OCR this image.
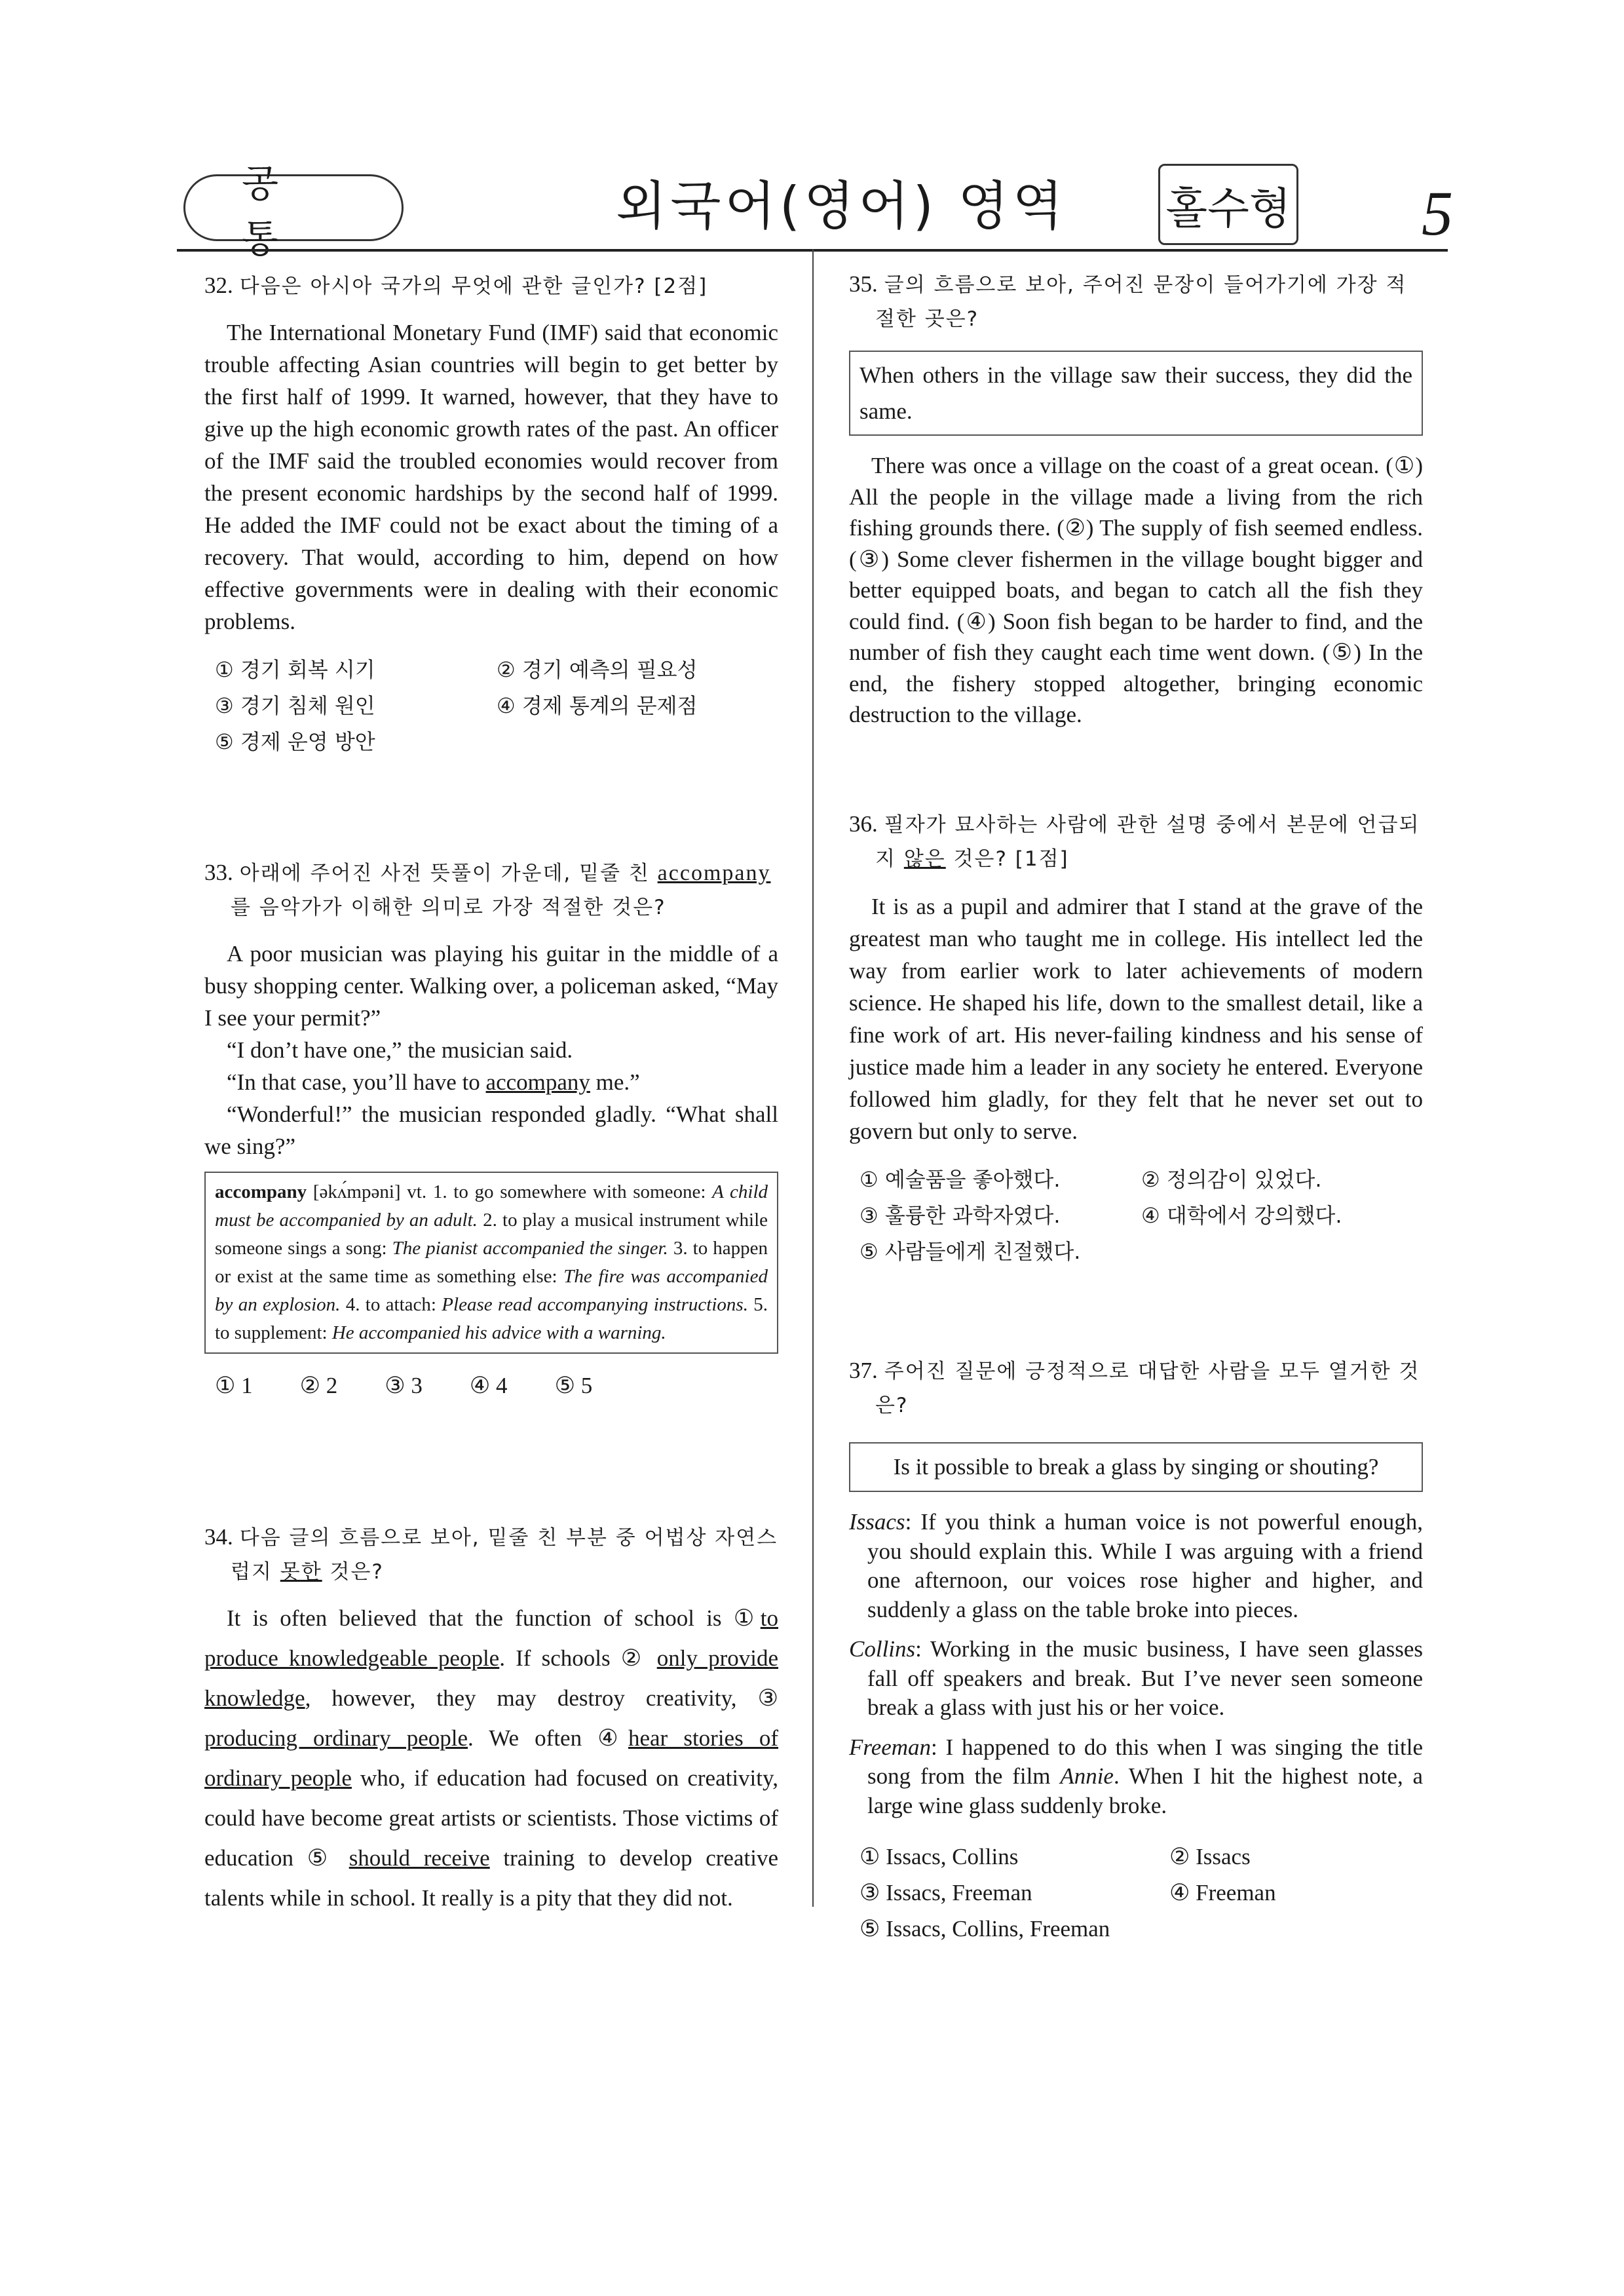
공 통
외국어(영어) 영역 홀수형 5

32. 다음은 아시아 국가의 무엇에 관한 글인가? [2점]

The International Monetary Fund (IMF) said that economic trouble affecting Asian countries will begin to get better by the first half of 1999. It warned, however, that they have to give up the high economic growth rates of the past. An officer of the IMF said the troubled economies would recover from the present economic hardships by the second half of 1999. He added the IMF could not be exact about the timing of a recovery. That would, according to him, depend on how effective governments were in dealing with their economic problems.

① 경기 회복 시기	② 경기 예측의 필요성
③ 경기 침체 원인	④ 경제 통계의 문제점
⑤ 경제 운영 방안

33. 아래에 주어진 사전 뜻풀이 가운데, 밑줄 친 accompany를 음악가가 이해한 의미로 가장 적절한 것은?

A poor musician was playing his guitar in the middle of a busy shopping center. Walking over, a policeman asked, “May I see your permit?”

“I don’t have one,” the musician said.

“In that case, you’ll have to accompany me.”

“Wonderful!” the musician responded gladly. “What shall we sing?”

accompany [əkʌ́mpəni] vt. 1. to go somewhere with someone: A child must be accompanied by an adult. 2. to play a musical instrument while someone sings a song: The pianist accompanied the singer. 3. to happen or exist at the same time as something else: The fire was accompanied by an explosion. 4. to attach: Please read accompanying instructions. 5. to supplement: He accompanied his advice with a warning.
① 1 ② 2 ③ 3 ④ 4 ⑤ 5

34. 다음 글의 흐름으로 보아, 밑줄 친 부분 중 어법상 자연스럽지 못한 것은?

It is often believed that the function of school is ①to produce knowledgeable people. If schools ② only provide knowledge, however, they may destroy creativity, ③ producing ordinary people. We often ④hear stories of ordinary people who, if education had focused on creativity, could have become great artists or scientists. Those victims of education ⑤ should receive training to develop creative talents while in school. It really is a pity that they did not.

35. 글의 흐름으로 보아, 주어진 문장이 들어가기에 가장 적절한 곳은?

When others in the village saw their success, they did the same.

There was once a village on the coast of a great ocean. (①) All the people in the village made a living from the rich fishing grounds there. (②) The supply of fish seemed endless. (③) Some clever fishermen in the village bought bigger and better equipped boats, and began to catch all the fish they could find. (④) Soon fish began to be harder to find, and the number of fish they caught each time went down. (⑤) In the end, the fishery stopped altogether, bringing economic destruction to the village.

36. 필자가 묘사하는 사람에 관한 설명 중에서 본문에 언급되지 않은 것은? [1점]

It is as a pupil and admirer that I stand at the grave of the greatest man who taught me in college. His intellect led the way from earlier work to later achievements of modern science. He shaped his life, down to the smallest detail, like a fine work of art. His never-failing kindness and his sense of justice made him a leader in any society he entered. Everyone followed him gladly, for they felt that he never set out to govern but only to serve.

① 예술품을 좋아했다.	② 정의감이 있었다.
③ 훌륭한 과학자였다.	④ 대학에서 강의했다.
⑤ 사람들에게 친절했다.

37. 주어진 질문에 긍정적으로 대답한 사람을 모두 열거한 것은?

Is it possible to break a glass by singing or shouting?

Issacs: If you think a human voice is not powerful enough, you should explain this. While I was arguing with a friend one afternoon, our voices rose higher and higher, and suddenly a glass on the table broke into pieces.

Collins: Working in the music business, I have seen glasses fall off speakers and break. But I’ve never seen someone break a glass with just his or her voice.

Freeman: I happened to do this when I was singing the title song from the film Annie. When I hit the highest note, a large wine glass suddenly broke.

① Issacs, Collins	② Issacs
③ Issacs, Freeman	④ Freeman
⑤ Issacs, Collins, Freeman
